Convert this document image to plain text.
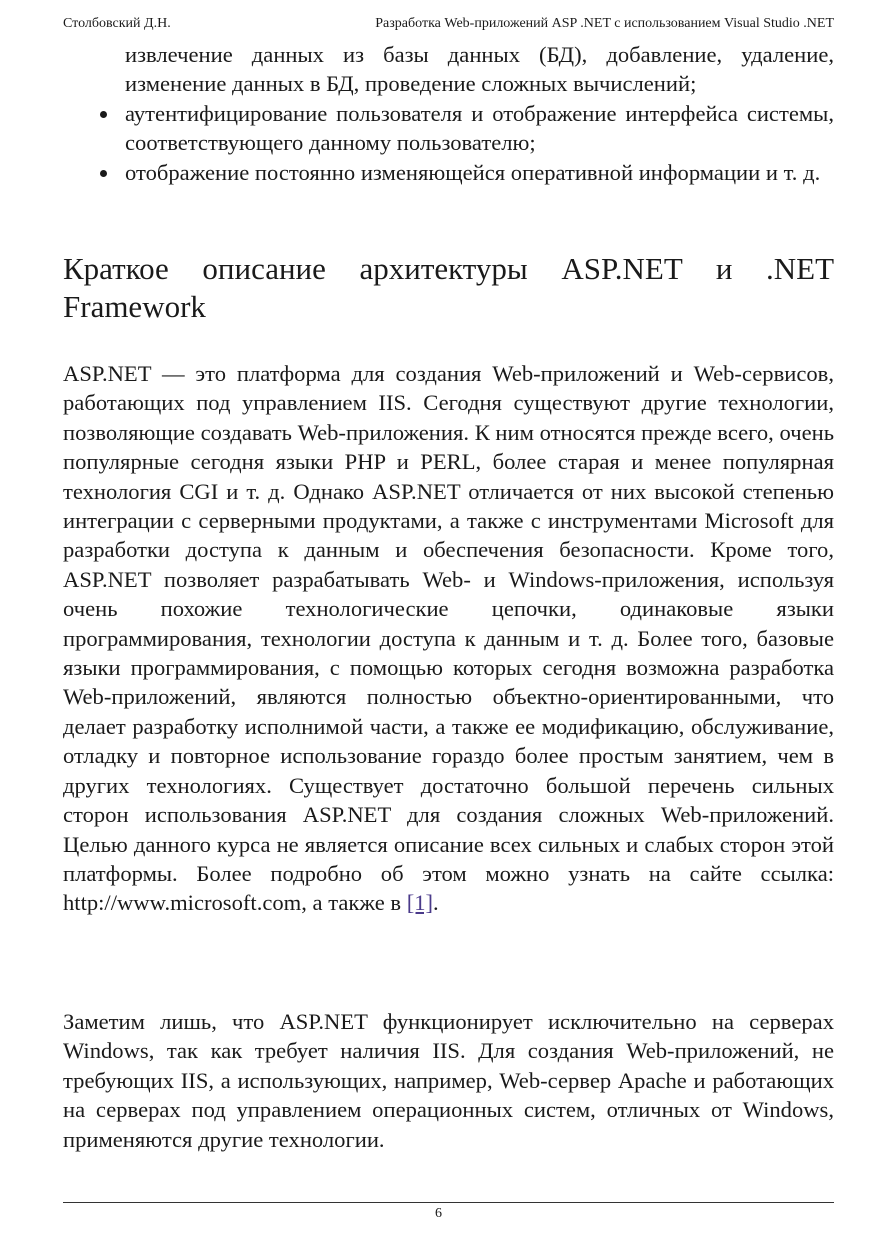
Столбовский Д.Н.	Разработка Web-приложений ASP .NET с использованием Visual Studio .NET
извлечение данных из базы данных (БД), добавление, удаление, изменение данных в БД, проведение сложных вычислений;
аутентифицирование пользователя и отображение интерфейса системы, соответствующего данному пользователю;
отображение постоянно изменяющейся оперативной информации и т. д.
Краткое описание архитектуры ASP.NET и .NET Framework

ASP.NET — это платформа для создания Web-приложений и Web-сервисов, работающих под управлением IIS. Сегодня существуют другие технологии, позволяющие создавать Web-приложения. К ним относятся прежде всего, очень популярные сегодня языки PHP и PERL, более старая и менее популярная технология CGI и т. д. Однако ASP.NET отличается от них высокой степенью интеграции с серверными продуктами, а также с инструментами Microsoft для разработки доступа к данным и обеспечения безопасности. Кроме того, ASP.NET позволяет разрабатывать Web- и Windows-приложения, используя очень похожие технологические цепочки, одинаковые языки программирования, технологии доступа к данным и т. д. Более того, базовые языки программирования, с помощью которых сегодня возможна разработка Web-приложений, являются полностью объектно-ориентированными, что делает разработку исполнимой части, а также ее модификацию, обслуживание, отладку и повторное использование гораздо более простым занятием, чем в других технологиях. Существует достаточно большой перечень сильных сторон использования ASP.NET для создания сложных Web-приложений. Целью данного курса не является описание всех сильных и слабых сторон этой платформы. Более подробно об этом можно узнать на сайте ссылка: http://www.microsoft.com, а также в [1].

Заметим лишь, что ASP.NET функционирует исключительно на серверах Windows, так как требует наличия IIS. Для создания Web-приложений, не требующих IIS, а использующих, например, Web-сервер Apache и работающих на серверах под управлением операционных систем, отличных от Windows, применяются другие технологии.

6
